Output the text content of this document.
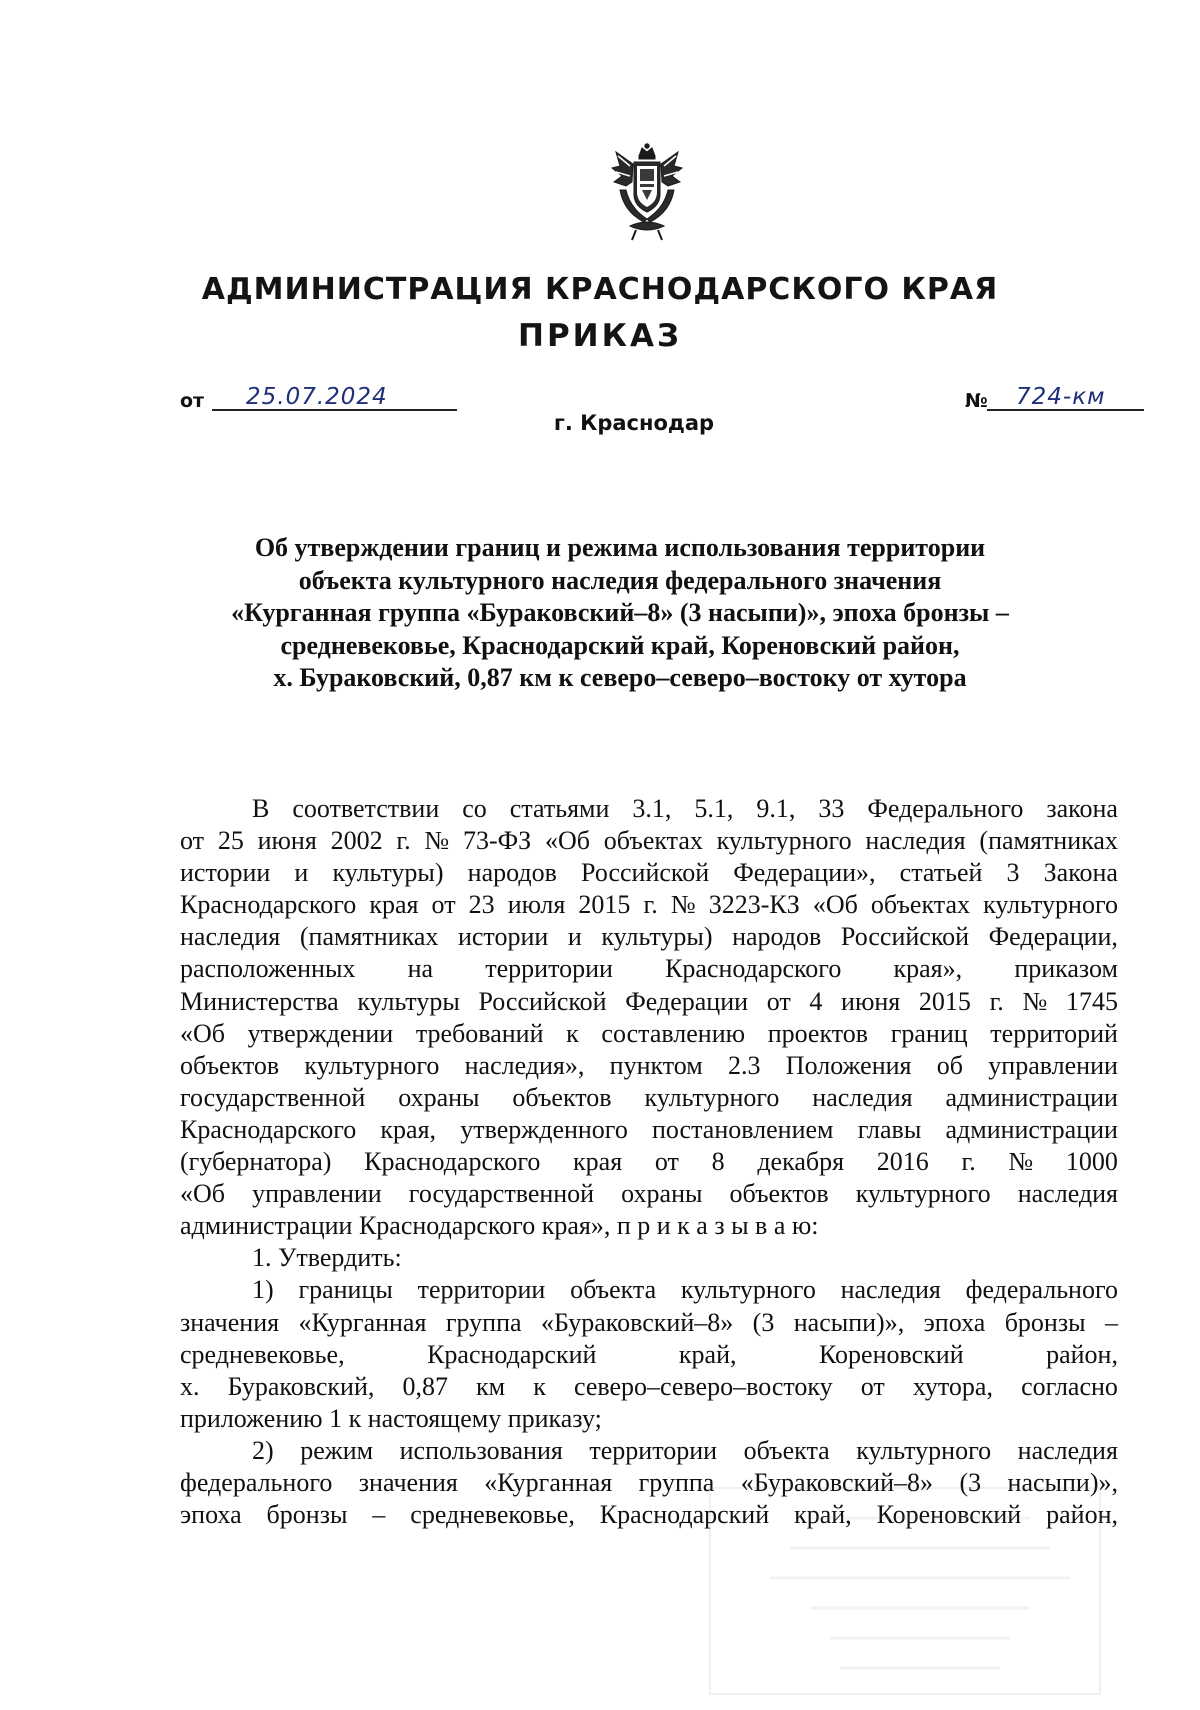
АДМИНИСТРАЦИЯ КРАСНОДАРСКОГО КРАЯ
ПРИКАЗ
от 25.07.2024	№ 724-км
г. Краснодар
Об утверждении границ и режима использования территории
объекта культурного наследия федерального значения
«Курганная группа «Бураковский–8» (3 насыпи)», эпоха бронзы –
средневековье, Краснодарский край, Кореновский район,
х. Бураковский, 0,87 км к северо–северо–востоку от хутора
В соответствии со статьями 3.1, 5.1, 9.1, 33 Федерального закона
от 25 июня 2002 г. № 73-ФЗ «Об объектах культурного наследия (памятниках
истории и культуры) народов Российской Федерации», статьей 3 Закона
Краснодарского края от 23 июля 2015 г. № 3223-КЗ «Об объектах культурного
наследия (памятниках истории и культуры) народов Российской Федерации,
расположенных на территории Краснодарского края», приказом
Министерства культуры Российской Федерации от 4 июня 2015 г. № 1745
«Об утверждении требований к составлению проектов границ территорий
объектов культурного наследия», пунктом 2.3 Положения об управлении
государственной охраны объектов культурного наследия администрации
Краснодарского края, утвержденного постановлением главы администрации
(губернатора) Краснодарского края от 8 декабря 2016 г. № 1000
«Об управлении государственной охраны объектов культурного наследия
администрации Краснодарского края», п р и к а з ы в а ю:
1. Утвердить:
1) границы территории объекта культурного наследия федерального
значения «Курганная группа «Бураковский–8» (3 насыпи)», эпоха бронзы –
средневековье,	Краснодарский	край,	Кореновский	район,
х. Бураковский, 0,87 км к северо–северо–востоку от хутора, согласно
приложению 1 к настоящему приказу;
2) режим использования территории объекта культурного наследия
федерального значения «Курганная группа «Бураковский–8» (3 насыпи)»,
эпоха бронзы – средневековье, Краснодарский край, Кореновский район,
